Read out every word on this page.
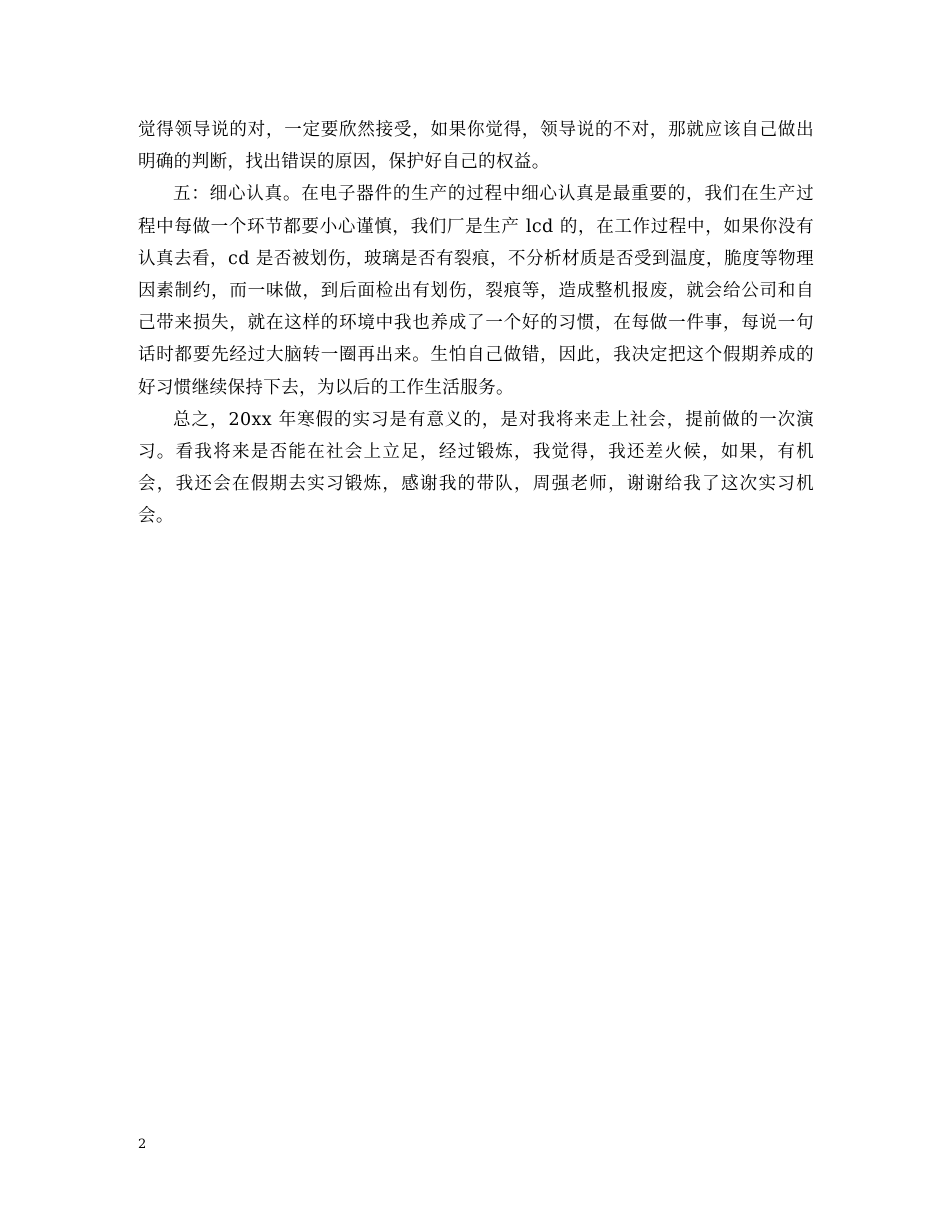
觉得领导说的对，一定要欣然接受，如果你觉得，领导说的不对，那就应该自己做出明确的判断，找出错误的原因，保护好自己的权益。

五：细心认真。在电子器件的生产的过程中细心认真是最重要的，我们在生产过程中每做一个环节都要小心谨慎，我们厂是生产 lcd 的，在工作过程中，如果你没有认真去看，cd 是否被划伤，玻璃是否有裂痕，不分析材质是否受到温度，脆度等物理因素制约，而一味做，到后面检出有划伤，裂痕等，造成整机报废，就会给公司和自己带来损失，就在这样的环境中我也养成了一个好的习惯，在每做一件事，每说一句话时都要先经过大脑转一圈再出来。生怕自己做错，因此，我决定把这个假期养成的好习惯继续保持下去，为以后的工作生活服务。

总之，20xx 年寒假的实习是有意义的，是对我将来走上社会，提前做的一次演习。看我将来是否能在社会上立足，经过锻炼，我觉得，我还差火候，如果，有机会，我还会在假期去实习锻炼，感谢我的带队，周强老师，谢谢给我了这次实习机会。

2
